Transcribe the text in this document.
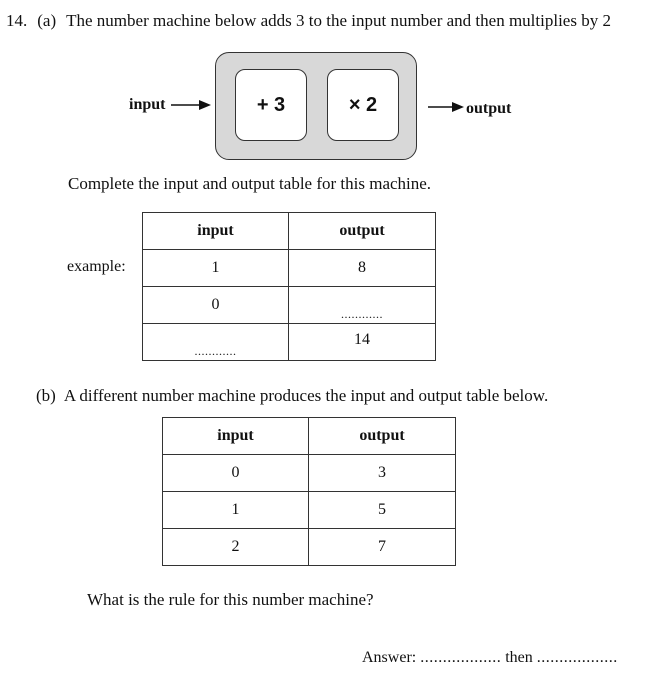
14. (a) The number machine below adds 3 to the input number and then multiplies by 2
input	+ 3	× 2	output
Complete the input and output table for this machine.
example:
input	output
1	8
0	............
............	14
(b) A different number machine produces the input and output table below.
input	output
0	3
1	5
2	7
What is the rule for this number machine?
Answer: .................. then ..................
